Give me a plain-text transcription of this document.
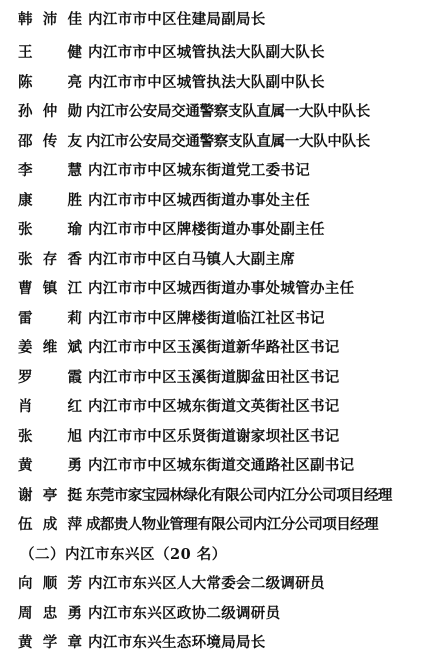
韩 沛 佳 内江市市中区住建局副局长
王 健 内江市市中区城管执法大队副大队长
陈 亮 内江市市中区城管执法大队副中队长
孙 仲 勋 内江市公安局交通警察支队直属一大队中队长
邵 传 友 内江市公安局交通警察支队直属一大队中队长
李 慧 内江市市中区城东街道党工委书记
康 胜 内江市市中区城西街道办事处主任
张 瑜 内江市市中区牌楼街道办事处副主任
张 存 香 内江市市中区白马镇人大副主席
曹 镇 江 内江市市中区城西街道办事处城管办主任
雷 莉 内江市市中区牌楼街道临江社区书记
姜 维 斌 内江市市中区玉溪街道新华路社区书记
罗 霞 内江市市中区玉溪街道脚盆田社区书记
肖 红 内江市市中区城东街道文英街社区书记
张 旭 内江市市中区乐贤街道谢家坝社区书记
黄 勇 内江市市中区城东街道交通路社区副书记
谢 亭 挺 东莞市家宝园林绿化有限公司内江分公司项目经理
伍 成 萍 成都贵人物业管理有限公司内江分公司项目经理
（二）内江市东兴区（20 名）
向 顺 芳 内江市东兴区人大常委会二级调研员
周 忠 勇 内江市东兴区政协二级调研员
黄 学 章 内江市东兴生态环境局局长
